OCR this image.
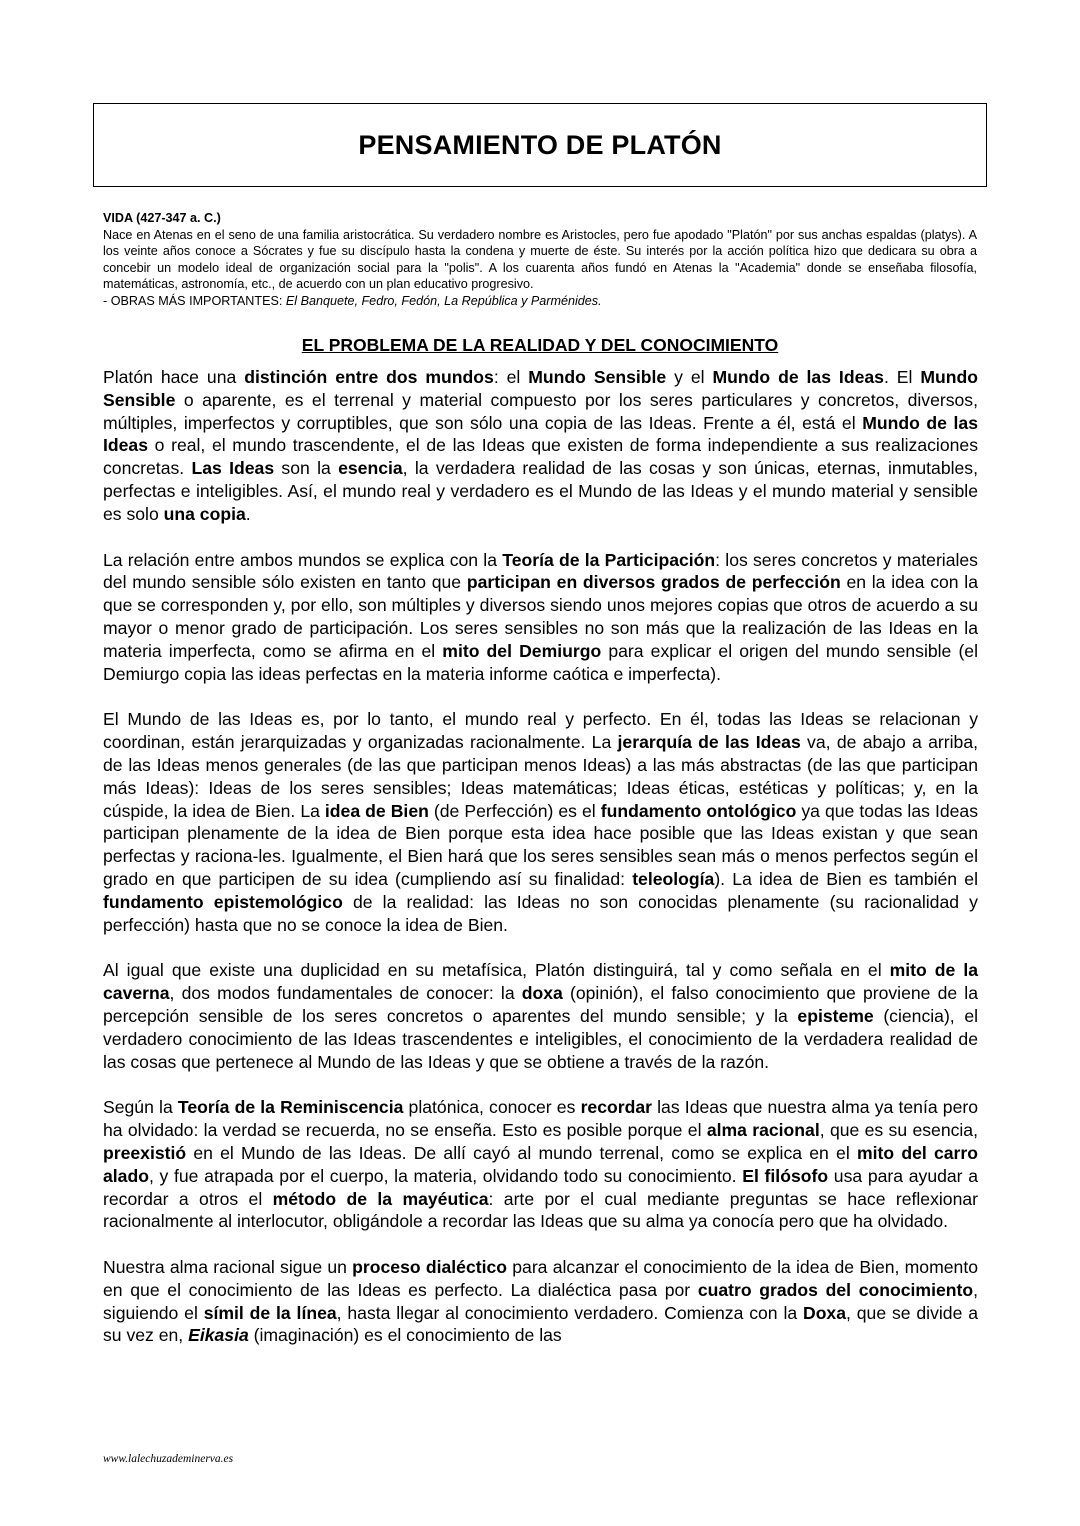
PENSAMIENTO DE PLATÓN
VIDA (427-347 a. C.)

Nace en Atenas en el seno de una familia aristocrática. Su verdadero nombre es Aristocles, pero fue apodado "Platón" por sus anchas espaldas (platys). A los veinte años conoce a Sócrates y fue su discípulo hasta la condena y muerte de éste. Su interés por la acción política hizo que dedicara su obra a concebir un modelo ideal de organización social para la "polis". A los cuarenta años fundó en Atenas la "Academia" donde se enseñaba filosofía, matemáticas, astronomía, etc., de acuerdo con un plan educativo progresivo.
- OBRAS MÁS IMPORTANTES: El Banquete, Fedro, Fedón, La República y Parménides.

EL PROBLEMA DE LA REALIDAD Y DEL CONOCIMIENTO

Platón hace una distinción entre dos mundos: el Mundo Sensible y el Mundo de las Ideas. El Mundo Sensible o aparente, es el terrenal y material compuesto por los seres particulares y concretos, diversos, múltiples, imperfectos y corruptibles, que son sólo una copia de las Ideas. Frente a él, está el Mundo de las Ideas o real, el mundo trascendente, el de las Ideas que existen de forma independiente a sus realizaciones concretas. Las Ideas son la esencia, la verdadera realidad de las cosas y son únicas, eternas, inmutables, perfectas e inteligibles. Así, el mundo real y verdadero es el Mundo de las Ideas y el mundo material y sensible es solo una copia.

La relación entre ambos mundos se explica con la Teoría de la Participación: los seres concretos y materiales del mundo sensible sólo existen en tanto que participan en diversos grados de perfección en la idea con la que se corresponden y, por ello, son múltiples y diversos siendo unos mejores copias que otros de acuerdo a su mayor o menor grado de participación. Los seres sensibles no son más que la realización de las Ideas en la materia imperfecta, como se afirma en el mito del Demiurgo para explicar el origen del mundo sensible (el Demiurgo copia las ideas perfectas en la materia informe caótica e imperfecta).

El Mundo de las Ideas es, por lo tanto, el mundo real y perfecto. En él, todas las Ideas se relacionan y coordinan, están jerarquizadas y organizadas racionalmente. La jerarquía de las Ideas va, de abajo a arriba, de las Ideas menos generales (de las que participan menos Ideas) a las más abstractas (de las que participan más Ideas): Ideas de los seres sensibles; Ideas matemáticas; Ideas éticas, estéticas y políticas; y, en la cúspide, la idea de Bien. La idea de Bien (de Perfección) es el fundamento ontológico ya que todas las Ideas participan plenamente de la idea de Bien porque esta idea hace posible que las Ideas existan y que sean perfectas y raciona-les. Igualmente, el Bien hará que los seres sensibles sean más o menos perfectos según el grado en que participen de su idea (cumpliendo así su finalidad: teleología). La idea de Bien es también el fundamento epistemológico de la realidad: las Ideas no son conocidas plenamente (su racionalidad y perfección) hasta que no se conoce la idea de Bien.

Al igual que existe una duplicidad en su metafísica, Platón distinguirá, tal y como señala en el mito de la caverna, dos modos fundamentales de conocer: la doxa (opinión), el falso conocimiento que proviene de la percepción sensible de los seres concretos o aparentes del mundo sensible; y la episteme (ciencia), el verdadero conocimiento de las Ideas trascendentes e inteligibles, el conocimiento de la verdadera realidad de las cosas que pertenece al Mundo de las Ideas y que se obtiene a través de la razón.

Según la Teoría de la Reminiscencia platónica, conocer es recordar las Ideas que nuestra alma ya tenía pero ha olvidado: la verdad se recuerda, no se enseña. Esto es posible porque el alma racional, que es su esencia, preexistió en el Mundo de las Ideas. De allí cayó al mundo terrenal, como se explica en el mito del carro alado, y fue atrapada por el cuerpo, la materia, olvidando todo su conocimiento. El filósofo usa para ayudar a recordar a otros el método de la mayéutica: arte por el cual mediante preguntas se hace reflexionar racionalmente al interlocutor, obligándole a recordar las Ideas que su alma ya conocía pero que ha olvidado.

Nuestra alma racional sigue un proceso dialéctico para alcanzar el conocimiento de la idea de Bien, momento en que el conocimiento de las Ideas es perfecto. La dialéctica pasa por cuatro grados del conocimiento, siguiendo el símil de la línea, hasta llegar al conocimiento verdadero. Comienza con la Doxa, que se divide a su vez en, Eikasia (imaginación) es el conocimiento de las

www.lalechuzademinerva.es
